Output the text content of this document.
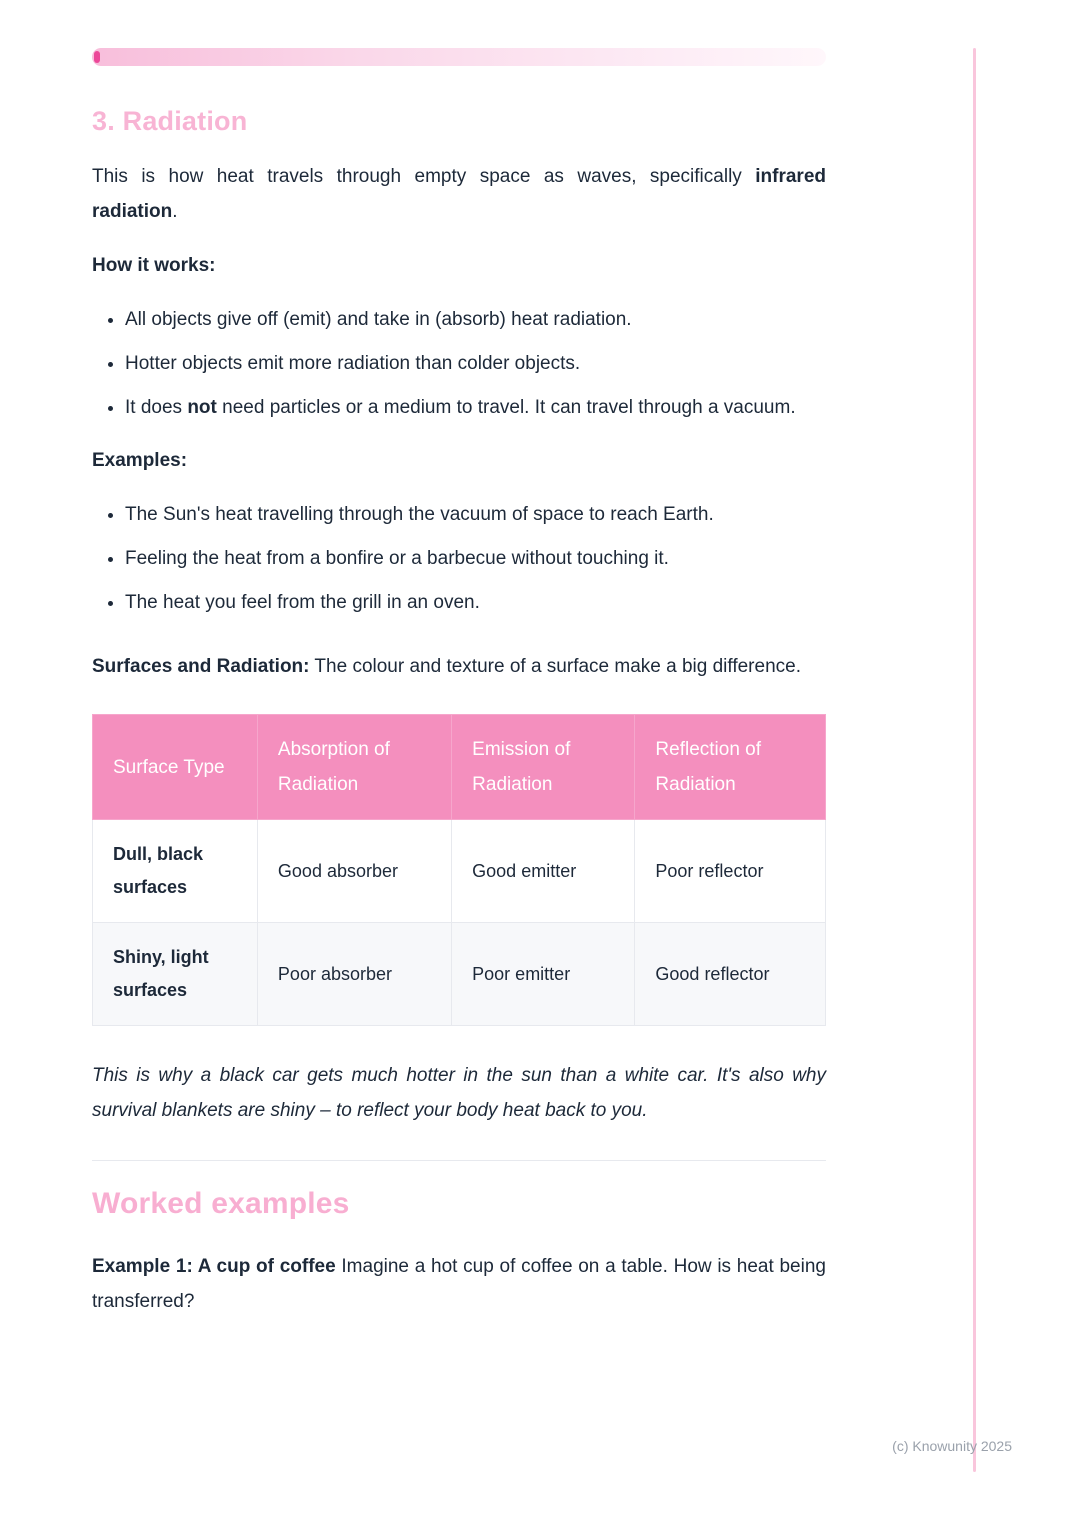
3. Radiation

This is how heat travels through empty space as waves, specifically infrared radiation.

How it works:

• All objects give off (emit) and take in (absorb) heat radiation.
• Hotter objects emit more radiation than colder objects.
• It does not need particles or a medium to travel. It can travel through a vacuum.

Examples:

• The Sun's heat travelling through the vacuum of space to reach Earth.
• Feeling the heat from a bonfire or a barbecue without touching it.
• The heat you feel from the grill in an oven.

Surfaces and Radiation: The colour and texture of a surface make a big difference.

Surface Type	Absorption of Radiation	Emission of Radiation	Reflection of Radiation
Dull, black surfaces	Good absorber	Good emitter	Poor reflector
Shiny, light surfaces	Poor absorber	Poor emitter	Good reflector

This is why a black car gets much hotter in the sun than a white car. It's also why survival blankets are shiny – to reflect your body heat back to you.

Worked examples

Example 1: A cup of coffee Imagine a hot cup of coffee on a table. How is heat being transferred?

(c) Knowunity 2025
